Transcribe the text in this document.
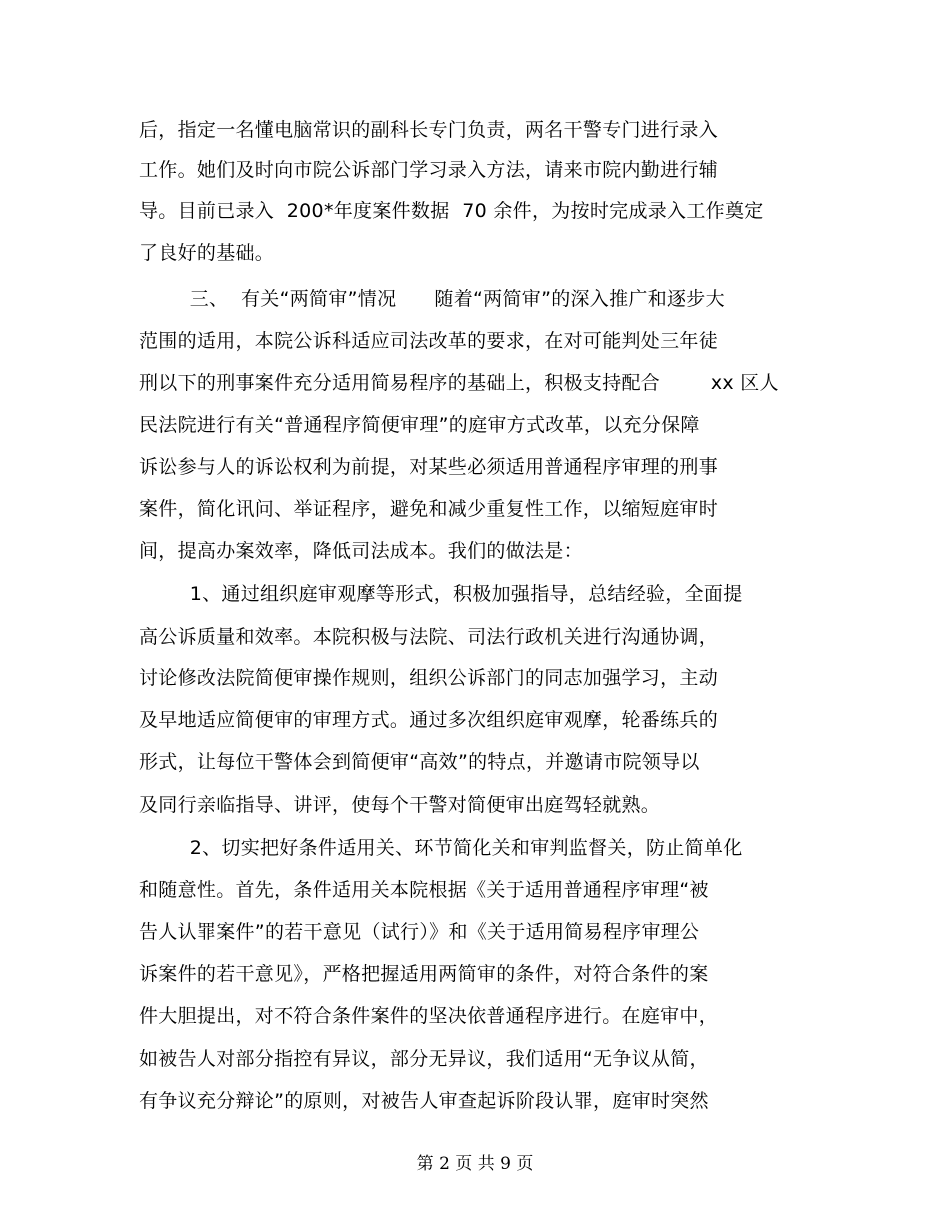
后，指定一名懂电脑常识的副科长专门负责，两名干警专门进行录入
工作。她们及时向市院公诉部门学习录入方法，请来市院内勤进行辅
导。目前已录入  200*年度案件数据  70 余件，为按时完成录入工作奠定
了良好的基础。
三、  有关“两简审”情况      随着“两简审”的深入推广和逐步大
范围的适用，本院公诉科适应司法改革的要求，在对可能判处三年徒
刑以下的刑事案件充分适用简易程序的基础上，积极支持配合        xx 区人
民法院进行有关“普通程序简便审理”的庭审方式改革，以充分保障
诉讼参与人的诉讼权利为前提，对某些必须适用普通程序审理的刑事
案件，简化讯问、举证程序，避免和减少重复性工作，以缩短庭审时
间，提高办案效率，降低司法成本。我们的做法是：
1、通过组织庭审观摩等形式，积极加强指导，总结经验，全面提
高公诉质量和效率。本院积极与法院、司法行政机关进行沟通协调，
讨论修改法院简便审操作规则，组织公诉部门的同志加强学习，主动
及早地适应简便审的审理方式。通过多次组织庭审观摩，轮番练兵的
形式，让每位干警体会到简便审“高效”的特点，并邀请市院领导以
及同行亲临指导、讲评，使每个干警对简便审出庭驾轻就熟。
2、切实把好条件适用关、环节简化关和审判监督关，防止简单化
和随意性。首先，条件适用关本院根据《关于适用普通程序审理“被
告人认罪案件”的若干意见（试行）》和《关于适用简易程序审理公
诉案件的若干意见》，严格把握适用两简审的条件，对符合条件的案
件大胆提出，对不符合条件案件的坚决依普通程序进行。在庭审中，
如被告人对部分指控有异议，部分无异议，我们适用“无争议从简，
有争议充分辩论”的原则，对被告人审查起诉阶段认罪，庭审时突然
第 2 页 共 9 页
